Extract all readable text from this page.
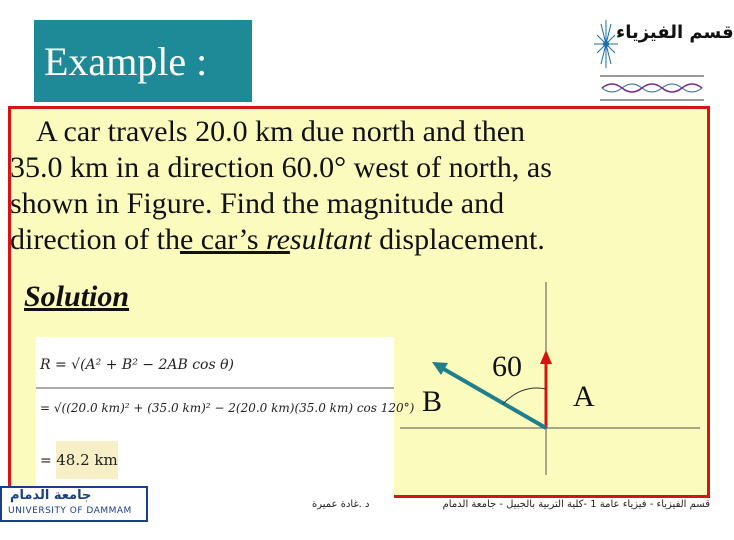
Example :
قسم الفيزياء

A car travels 20.0 km due north and then

35.0 km in a direction 60.0° west of north, as

shown in Figure. Find the magnitude and

direction of the car’s resultant displacement.

Solution
R = √(A² + B² − 2AB cos θ)
= √((20.0 km)² + (35.0 km)² − 2(20.0 km)(35.0 km) cos 120°)
= 48.2 km
B	A
60
قسم الفيزياء - فيزياء عامة 1 -كلية التربية بالجبيل - جامعة الدمام
د .غادة عميرة
جامعة الدمام
UNIVERSITY OF DAMMAM
